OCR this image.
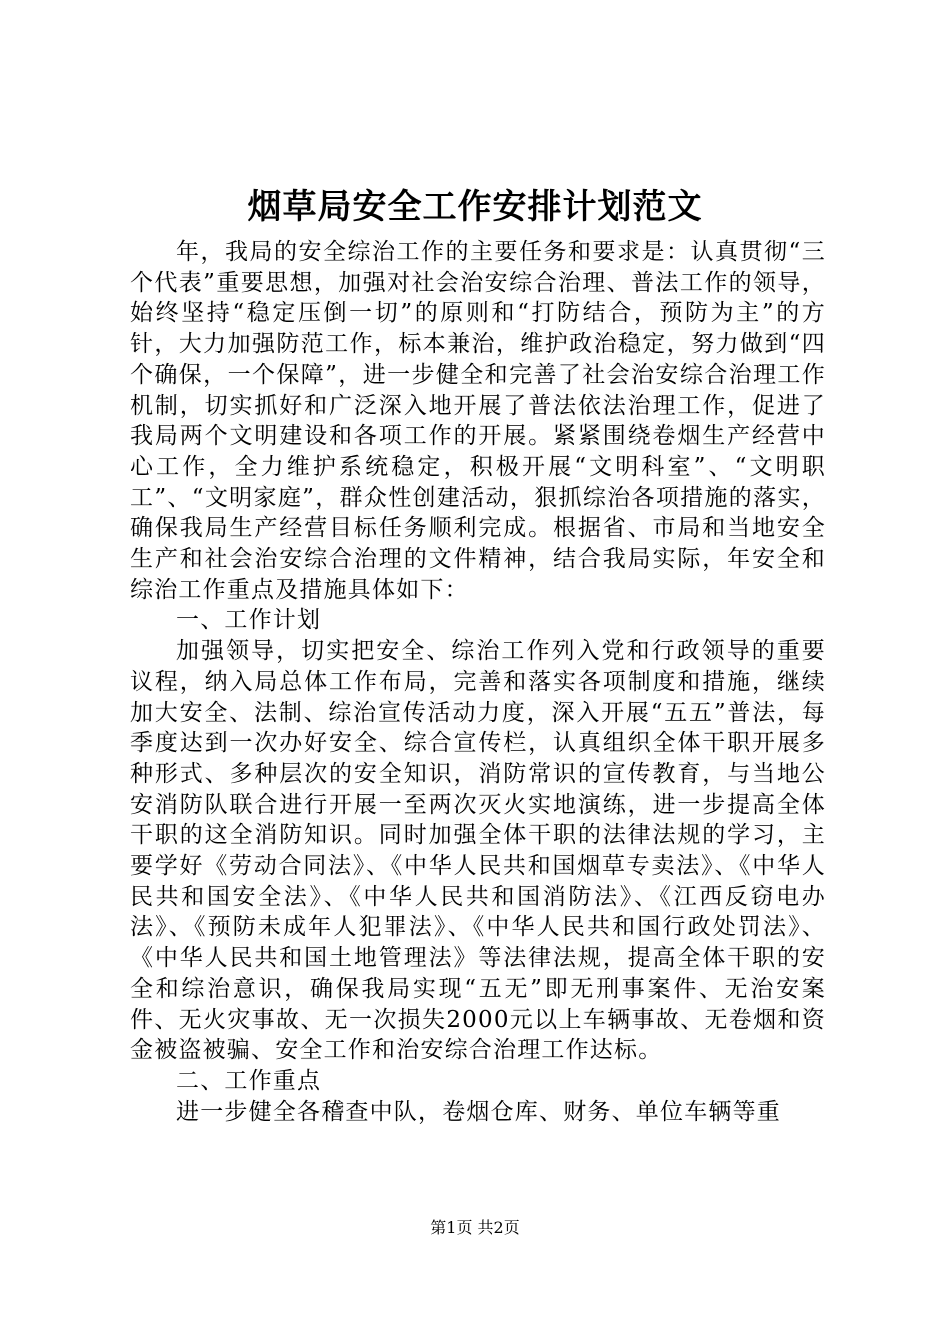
烟草局安全工作安排计划范文

年，我局的安全综治工作的主要任务和要求是：认真贯彻“三个代表”重要思想，加强对社会治安综合治理、普法工作的领导，始终坚持“稳定压倒一切”的原则和“打防结合，预防为主”的方针，大力加强防范工作，标本兼治，维护政治稳定，努力做到“四个确保，一个保障”，进一步健全和完善了社会治安综合治理工作机制，切实抓好和广泛深入地开展了普法依法治理工作，促进了我局两个文明建设和各项工作的开展。紧紧围绕卷烟生产经营中心工作，全力维护系统稳定，积极开展“文明科室”、“文明职工”、“文明家庭”，群众性创建活动，狠抓综治各项措施的落实，确保我局生产经营目标任务顺利完成。根据省、市局和当地安全生产和社会治安综合治理的文件精神，结合我局实际，年安全和综治工作重点及措施具体如下：

一、工作计划

加强领导，切实把安全、综治工作列入党和行政领导的重要议程，纳入局总体工作布局，完善和落实各项制度和措施，继续加大安全、法制、综治宣传活动力度，深入开展“五五”普法，每季度达到一次办好安全、综合宣传栏，认真组织全体干职开展多种形式、多种层次的安全知识，消防常识的宣传教育，与当地公安消防队联合进行开展一至两次灭火实地演练，进一步提高全体干职的这全消防知识。同时加强全体干职的法律法规的学习，主要学好《劳动合同法》、《中华人民共和国烟草专卖法》、《中华人民共和国安全法》、《中华人民共和国消防法》、《江西反窃电办法》、《预防未成年人犯罪法》、《中华人民共和国行政处罚法》、《中华人民共和国土地管理法》等法律法规，提高全体干职的安全和综治意识，确保我局实现“五无”即无刑事案件、无治安案件、无火灾事故、无一次损失2000元以上车辆事故、无卷烟和资金被盗被骗、安全工作和治安综合治理工作达标。

二、工作重点

进一步健全各稽查中队，卷烟仓库、财务、单位车辆等重

第1页 共2页
